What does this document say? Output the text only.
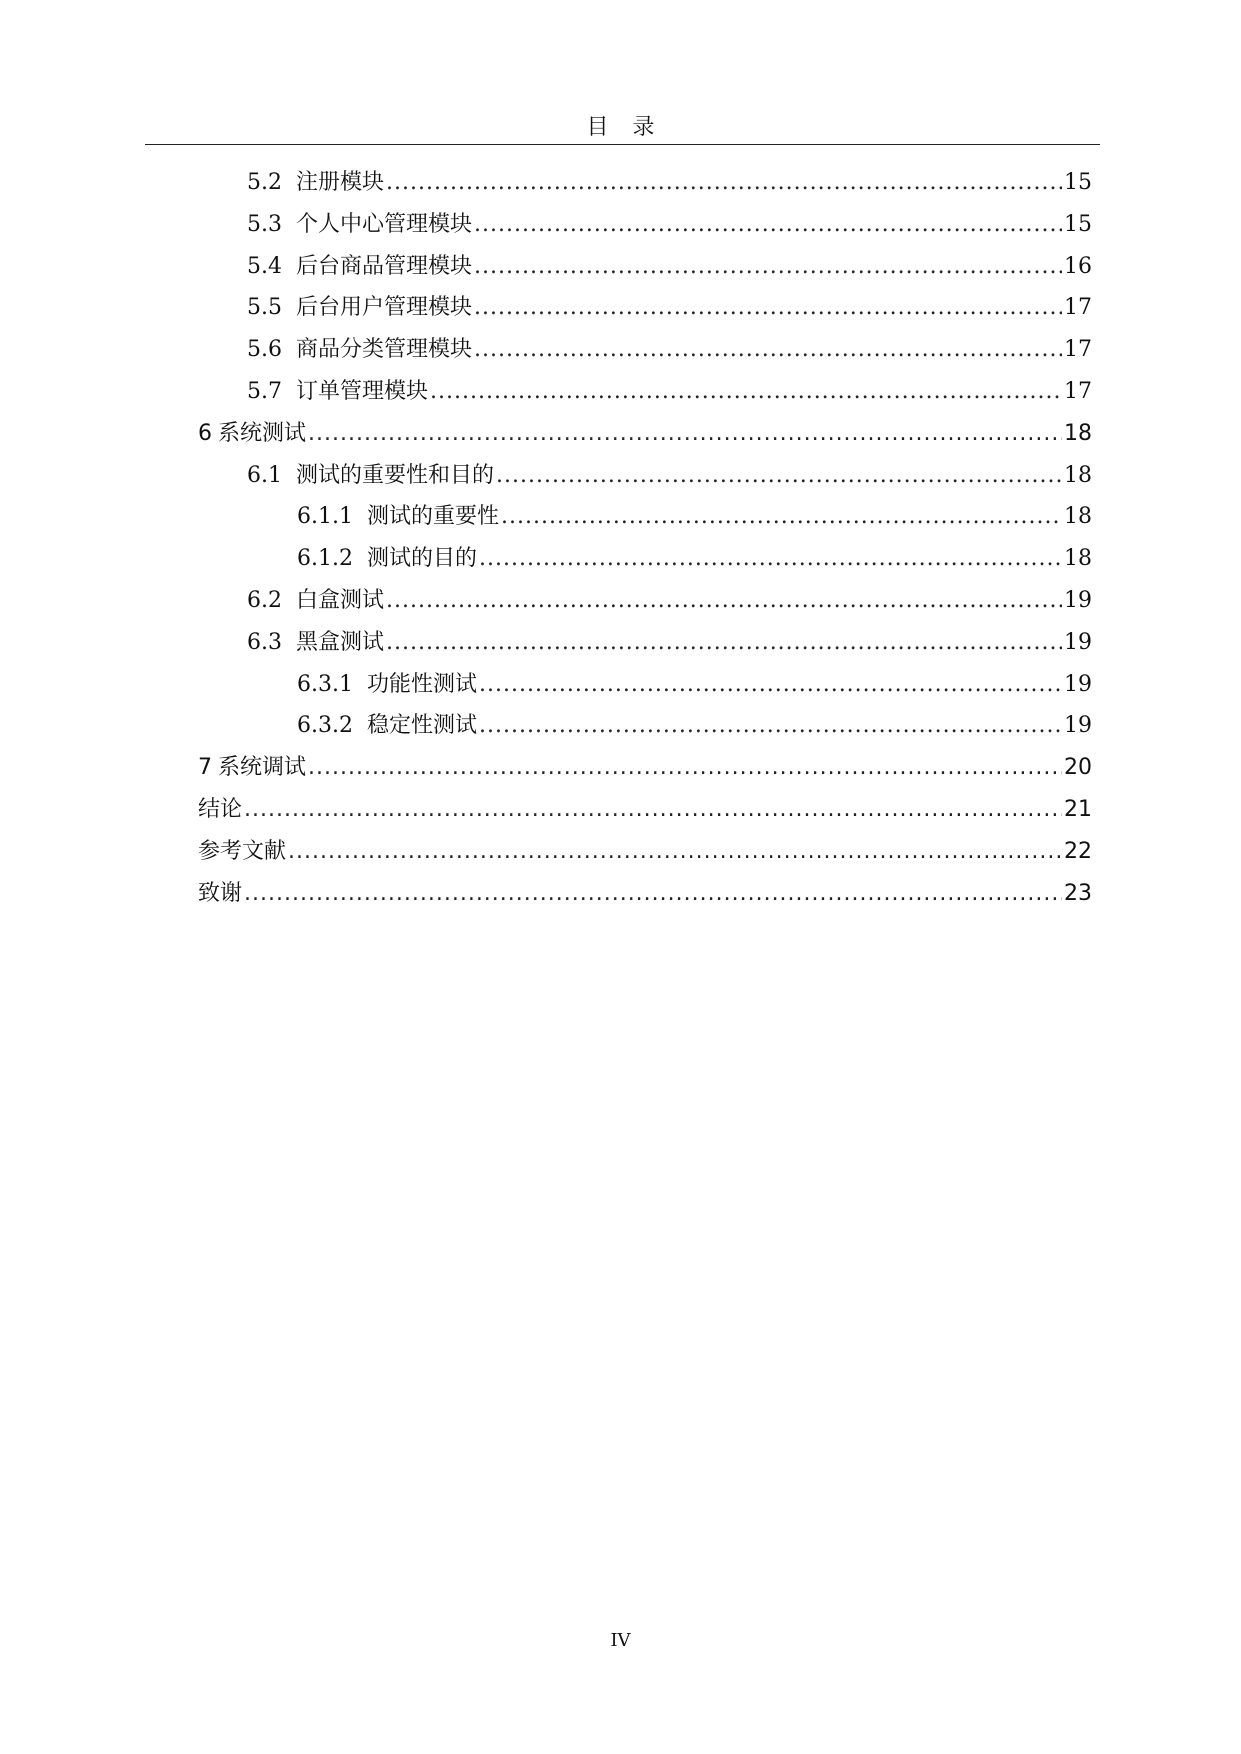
目 录
5.2 注册模块 .....	15
5.3 个人中心管理模块 .....	15
5.4 后台商品管理模块 .....	16
5.5 后台用户管理模块 .....	17
5.6 商品分类管理模块 .....	17
5.7 订单管理模块 .....	17
6 系统测试 .....	18
6.1 测试的重要性和目的 .....	18
6.1.1 测试的重要性 .....	18
6.1.2 测试的目的 .....	18
6.2 白盒测试 .....	19
6.3 黑盒测试 .....	19
6.3.1 功能性测试 .....	19
6.3.2 稳定性测试 .....	19
7 系统调试 .....	20
结论 .....	21
参考文献 .....	22
致谢 .....	23
IV
